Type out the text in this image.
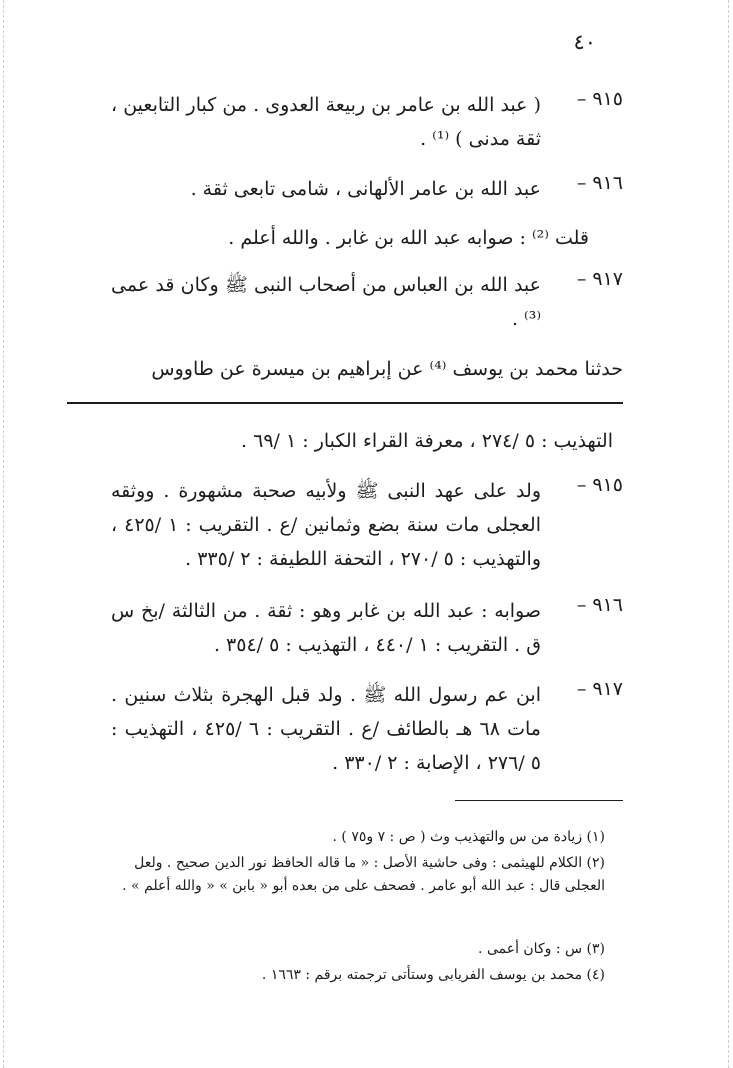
٤٠
٩١٥ –
( عبد الله بن عامر بن ربيعة العدوى . من كبار التابعين ، ثقة مدنى ) ⁽¹⁾ .
٩١٦ –
عبد الله بن عامر الألهانى ، شامى تابعى ثقة .
قلت ⁽²⁾ : صوابه عبد الله بن غابر . والله أعلم .
٩١٧ –
عبد الله بن العباس من أصحاب النبى ﷺ وكان قد عمى ⁽³⁾ .
حدثنا محمد بن يوسف ⁽⁴⁾ عن إبراهيم بن ميسرة عن طاووس
التهذيب : ٥ /٢٧٤ ، معرفة القراء الكبار : ١ /٦٩ .
٩١٥ –
ولد على عهد النبى ﷺ ولأبيه صحبة مشهورة . ووثقه العجلى مات سنة بضع وثمانين /ع . التقريب : ١ /٤٢٥ ، والتهذيب : ٥ /٢٧٠ ، التحفة اللطيفة : ٢ /٣٣٥ .
٩١٦ –
صوابه : عبد الله بن غابر وهو : ثقة . من الثالثة /بخ س ق . التقريب : ١ /٤٤٠ ، التهذيب : ٥ /٣٥٤ .
٩١٧ –
ابن عم رسول الله ﷺ . ولد قبل الهجرة بثلاث سنين . مات ٦٨ هـ بالطائف /ع . التقريب : ٦ /٤٢٥ ، التهذيب : ٥ /٢٧٦ ، الإصابة : ٢ /٣٣٠ .
(١) زيادة من س والتهذيب وث ( ص : ٧ و٧٥ ) .
(٢) الكلام للهيثمى : وفى حاشية الأصل : « ما قاله الحافظ نور الدين صحيح . ولعل العجلى قال : عبد الله أبو عامر . فصحف على من بعده أبو « بابن » « والله أعلم » .
(٣) س : وكان أعمى .
(٤) محمد بن يوسف الفريابى وستأتى ترجمته برقم : ١٦٦٣ .
